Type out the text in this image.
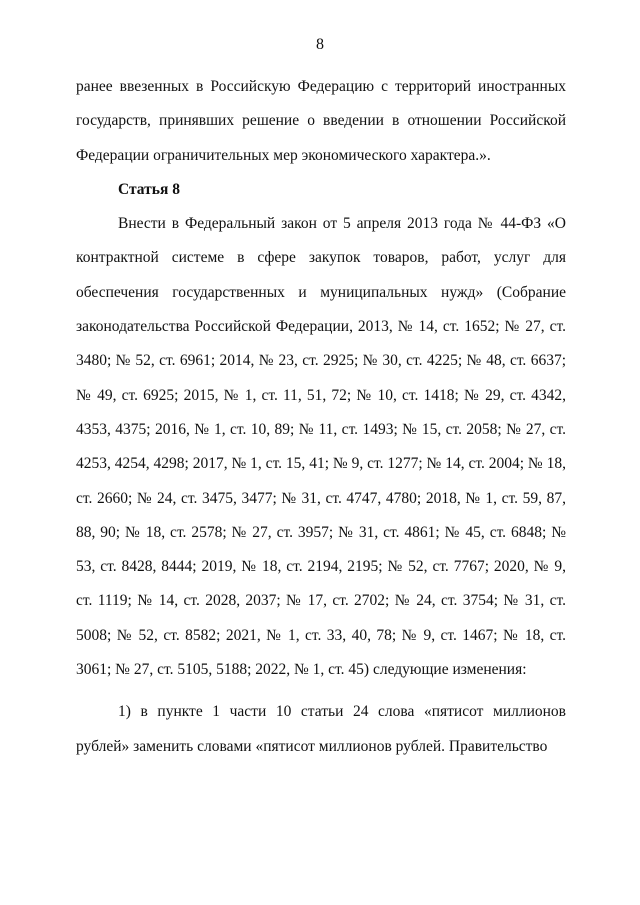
8

ранее ввезенных в Российскую Федерацию с территорий иностранных государств, принявших решение о введении в отношении Российской Федерации ограничительных мер экономического характера.».

Статья 8

Внести в Федеральный закон от 5 апреля 2013 года № 44-ФЗ «О контрактной системе в сфере закупок товаров, работ, услуг для обеспечения государственных и муниципальных нужд» (Собрание законодательства Российской Федерации, 2013, № 14, ст. 1652; № 27, ст. 3480; № 52, ст. 6961; 2014, № 23, ст. 2925; № 30, ст. 4225; № 48, ст. 6637; № 49, ст. 6925; 2015, № 1, ст. 11, 51, 72; № 10, ст. 1418; № 29, ст. 4342, 4353, 4375; 2016, № 1, ст. 10, 89; № 11, ст. 1493; № 15, ст. 2058; № 27, ст. 4253, 4254, 4298; 2017, № 1, ст. 15, 41; № 9, ст. 1277; № 14, ст. 2004; № 18, ст. 2660; № 24, ст. 3475, 3477; № 31, ст. 4747, 4780; 2018, № 1, ст. 59, 87, 88, 90; № 18, ст. 2578; № 27, ст. 3957; № 31, ст. 4861; № 45, ст. 6848; № 53, ст. 8428, 8444; 2019, № 18, ст. 2194, 2195; № 52, ст. 7767; 2020, № 9, ст. 1119; № 14, ст. 2028, 2037; № 17, ст. 2702; № 24, ст. 3754; № 31, ст. 5008; № 52, ст. 8582; 2021, № 1, ст. 33, 40, 78; № 9, ст. 1467; № 18, ст. 3061; № 27, ст. 5105, 5188; 2022, № 1, ст. 45) следующие изменения:

1) в пункте 1 части 10 статьи 24 слова «пятисот миллионов рублей» заменить словами «пятисот миллионов рублей. Правительство
